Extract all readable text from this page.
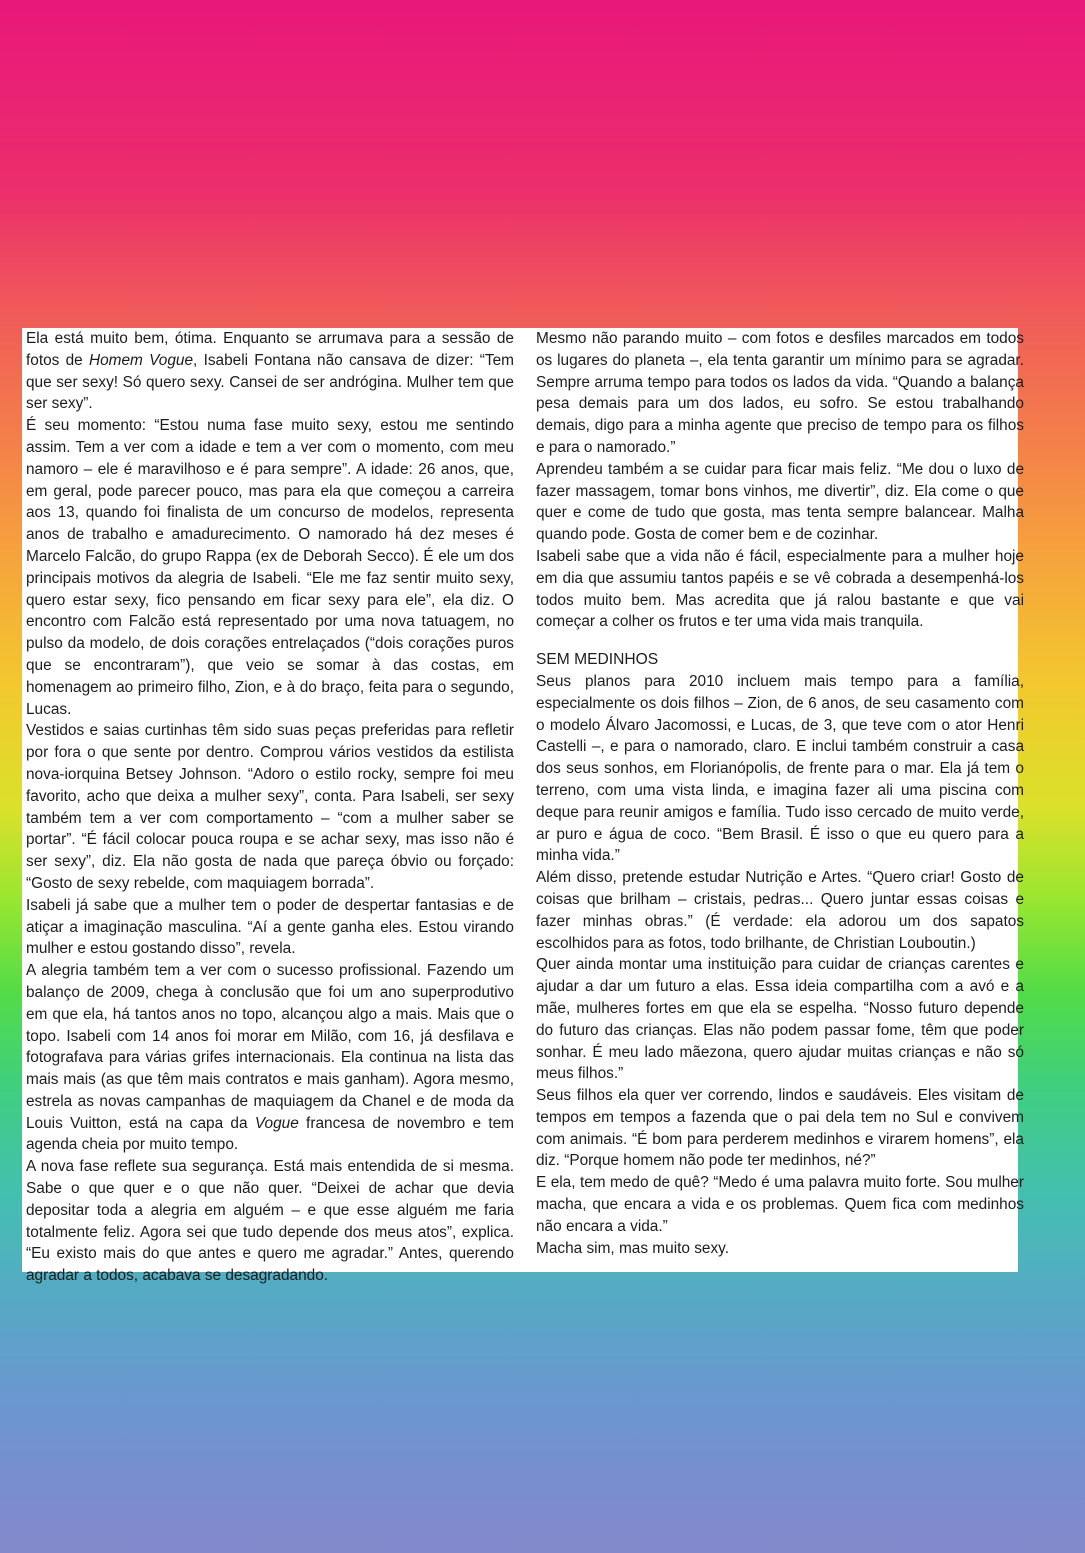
Ela está muito bem, ótima. Enquanto se arrumava para a sessão de fotos de Homem Vogue, Isabeli Fontana não cansava de dizer: “Tem que ser sexy! Só quero sexy. Cansei de ser andrógina. Mulher tem que ser sexy”.

É seu momento: “Estou numa fase muito sexy, estou me sentindo assim. Tem a ver com a idade e tem a ver com o momento, com meu namoro – ele é maravilhoso e é para sempre”. A idade: 26 anos, que, em geral, pode parecer pouco, mas para ela que começou a carreira aos 13, quando foi finalista de um concurso de modelos, representa anos de trabalho e amadurecimento. O namorado há dez meses é Marcelo Falcão, do grupo Rappa (ex de Deborah Secco). É ele um dos principais motivos da alegria de Isabeli. “Ele me faz sentir muito sexy, quero estar sexy, fico pensando em ficar sexy para ele”, ela diz. O encontro com Falcão está representado por uma nova tatuagem, no pulso da modelo, de dois corações entrelaçados (“dois corações puros que se encontraram”), que veio se somar à das costas, em homenagem ao primeiro filho, Zion, e à do braço, feita para o segundo, Lucas.

Vestidos e saias curtinhas têm sido suas peças preferidas para refletir por fora o que sente por dentro. Comprou vários vestidos da estilista nova-iorquina Betsey Johnson. “Adoro o estilo rocky, sempre foi meu favorito, acho que deixa a mulher sexy”, conta. Para Isabeli, ser sexy também tem a ver com comportamento – “com a mulher saber se portar”. “É fácil colocar pouca roupa e se achar sexy, mas isso não é ser sexy”, diz. Ela não gosta de nada que pareça óbvio ou forçado: “Gosto de sexy rebelde, com maquiagem borrada”.

Isabeli já sabe que a mulher tem o poder de despertar fantasias e de atiçar a imaginação masculina. “Aí a gente ganha eles. Estou virando mulher e estou gostando disso”, revela.

A alegria também tem a ver com o sucesso profissional. Fazendo um balanço de 2009, chega à conclusão que foi um ano superprodutivo em que ela, há tantos anos no topo, alcançou algo a mais. Mais que o topo. Isabeli com 14 anos foi morar em Milão, com 16, já desfilava e fotografava para várias grifes internacionais. Ela continua na lista das mais mais (as que têm mais contratos e mais ganham). Agora mesmo, estrela as novas campanhas de maquiagem da Chanel e de moda da Louis Vuitton, está na capa da Vogue francesa de novembro e tem agenda cheia por muito tempo.

A nova fase reflete sua segurança. Está mais entendida de si mesma. Sabe o que quer e o que não quer. “Deixei de achar que devia depositar toda a alegria em alguém – e que esse alguém me faria totalmente feliz. Agora sei que tudo depende dos meus atos”, explica. “Eu existo mais do que antes e quero me agradar.” Antes, querendo agradar a todos, acabava se desagradando.

Mesmo não parando muito – com fotos e desfiles marcados em todos os lugares do planeta –, ela tenta garantir um mínimo para se agradar. Sempre arruma tempo para todos os lados da vida. “Quando a balança pesa demais para um dos lados, eu sofro. Se estou trabalhando demais, digo para a minha agente que preciso de tempo para os filhos e para o namorado.”

Aprendeu também a se cuidar para ficar mais feliz. “Me dou o luxo de fazer massagem, tomar bons vinhos, me divertir”, diz. Ela come o que quer e come de tudo que gosta, mas tenta sempre balancear. Malha quando pode. Gosta de comer bem e de cozinhar.

Isabeli sabe que a vida não é fácil, especialmente para a mulher hoje em dia que assumiu tantos papéis e se vê cobrada a desempenhá-los todos muito bem. Mas acredita que já ralou bastante e que vai começar a colher os frutos e ter uma vida mais tranquila.

SEM MEDINHOS

Seus planos para 2010 incluem mais tempo para a família, especialmente os dois filhos – Zion, de 6 anos, de seu casamento com o modelo Álvaro Jacomossi, e Lucas, de 3, que teve com o ator Henri Castelli –, e para o namorado, claro. E inclui também construir a casa dos seus sonhos, em Florianópolis, de frente para o mar. Ela já tem o terreno, com uma vista linda, e imagina fazer ali uma piscina com deque para reunir amigos e família. Tudo isso cercado de muito verde, ar puro e água de coco. “Bem Brasil. É isso o que eu quero para a minha vida.”

Além disso, pretende estudar Nutrição e Artes. “Quero criar! Gosto de coisas que brilham – cristais, pedras... Quero juntar essas coisas e fazer minhas obras.” (É verdade: ela adorou um dos sapatos escolhidos para as fotos, todo brilhante, de Christian Louboutin.)

Quer ainda montar uma instituição para cuidar de crianças carentes e ajudar a dar um futuro a elas. Essa ideia compartilha com a avó e a mãe, mulheres fortes em que ela se espelha. “Nosso futuro depende do futuro das crianças. Elas não podem passar fome, têm que poder sonhar. É meu lado mãezona, quero ajudar muitas crianças e não só meus filhos.”

Seus filhos ela quer ver correndo, lindos e saudáveis. Eles visitam de tempos em tempos a fazenda que o pai dela tem no Sul e convivem com animais. “É bom para perderem medinhos e virarem homens”, ela diz. “Porque homem não pode ter medinhos, né?”

E ela, tem medo de quê? “Medo é uma palavra muito forte. Sou mulher macha, que encara a vida e os problemas. Quem fica com medinhos não encara a vida.”

Macha sim, mas muito sexy.
